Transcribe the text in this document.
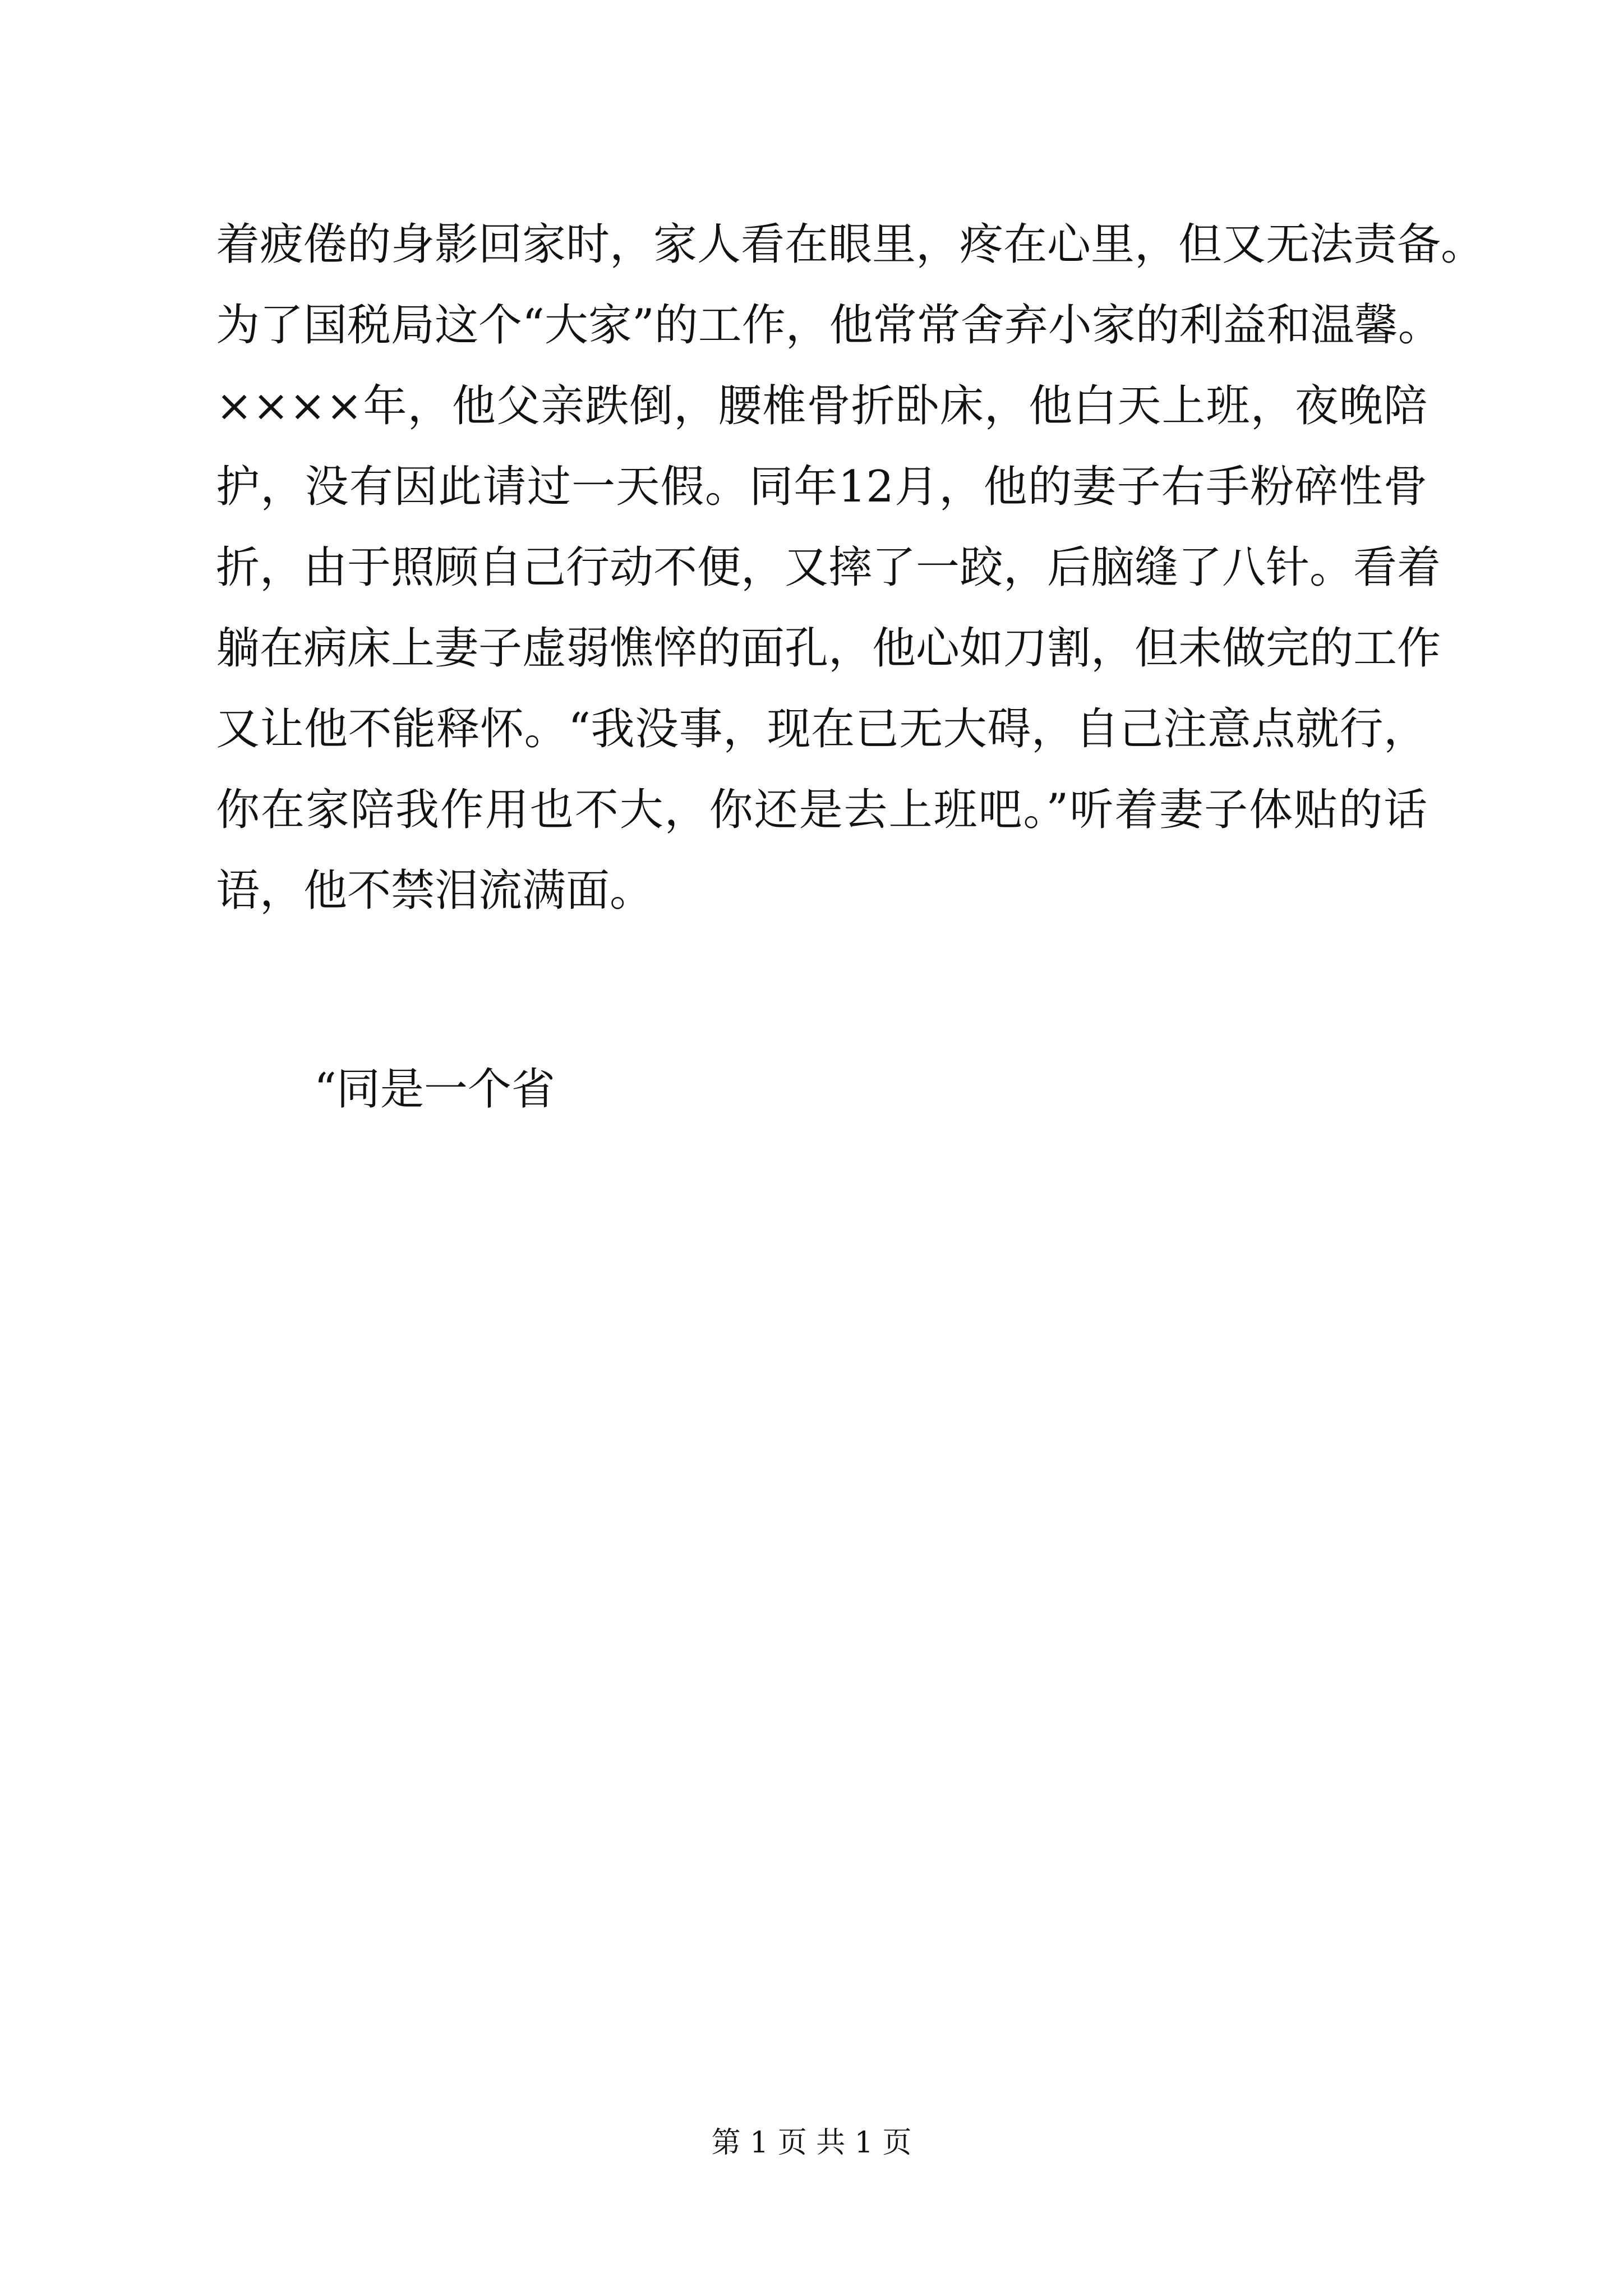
着疲倦的身影回家时，家人看在眼里，疼在心里，但又无法责备。
为了国税局这个“大家”的工作，他常常舍弃小家的利益和温馨。
××××年，他父亲跌倒，腰椎骨折卧床，他白天上班，夜晚陪
护，没有因此请过一天假。同年12月，他的妻子右手粉碎性骨
折，由于照顾自己行动不便，又摔了一跤，后脑缝了八针。看着
躺在病床上妻子虚弱憔悴的面孔，他心如刀割，但未做完的工作
又让他不能释怀。“我没事，现在已无大碍，自己注意点就行，
你在家陪我作用也不大，你还是去上班吧。”听着妻子体贴的话
语，他不禁泪流满面。
“同是一个省
第 1 页 共 1 页
